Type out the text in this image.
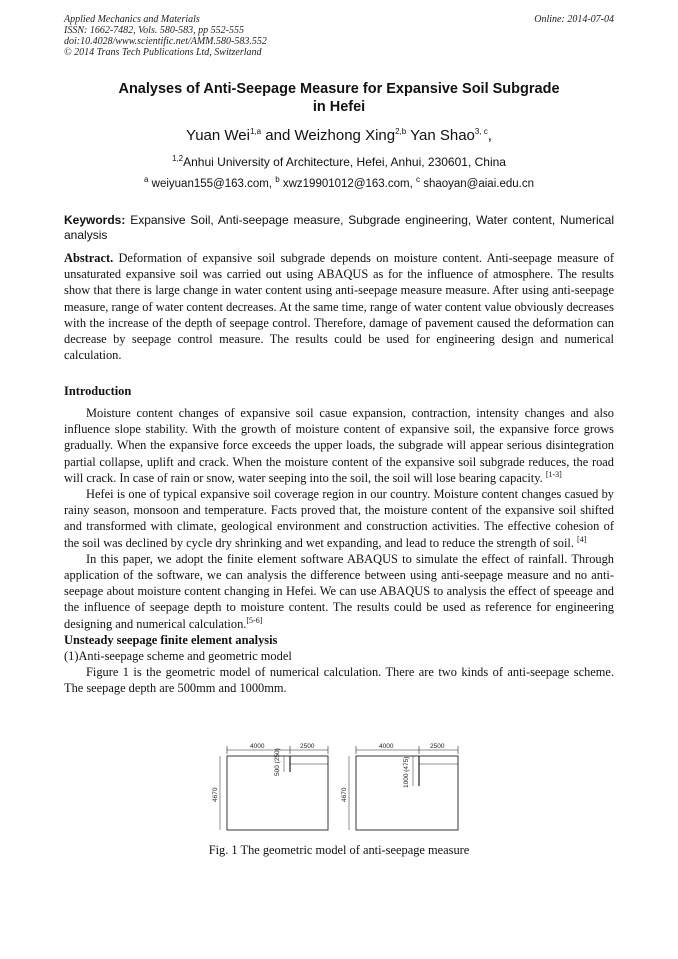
Applied Mechanics and Materials
ISSN: 1662-7482, Vols. 580-583, pp 552-555
doi:10.4028/www.scientific.net/AMM.580-583.552
© 2014 Trans Tech Publications Ltd, Switzerland
Online: 2014-07-04
Analyses of Anti-Seepage Measure for Expansive Soil Subgrade
in Hefei
Yuan Wei$^{1,a}$ and Weizhong Xing$^{2,b}$ Yan Shao$^{3, c}$,
$^{1,2}$Anhui University of Architecture, Hefei, Anhui, 230601, China
$^a$ weiyuan155@163.com, $^b$ xwz19901012@163.com, $^c$ shaoyan@aiai.edu.cn
Keywords: Expansive Soil, Anti-seepage measure, Subgrade engineering, Water content, Numerical analysis
Abstract. Deformation of expansive soil subgrade depends on moisture content. Anti-seepage measure of unsaturated expansive soil was carried out using ABAQUS as for the influence of atmosphere. The results show that there is large change in water content using anti-seepage measure measure. After using anti-seepage measure, range of water content decreases. At the same time, range of water content value obviously decreases with the increase of the depth of seepage control. Therefore, damage of pavement caused the deformation can decrease by seepage control measure. The results could be used for engineering design and numerical calculation.
Introduction

Moisture content changes of expansive soil casue expansion, contraction, intensity changes and also influence slope stability. With the growth of moisture content of expansive soil, the expansive force grows gradually. When the expansive force exceeds the upper loads, the subgrade will appear serious disintegration partial collapse, uplift and crack. When the moisture content of the expansive soil subgrade reduces, the road will crack. In case of rain or snow, water seeping into the soil, the soil will lose bearing capacity. [1-3]

Hefei is one of typical expansive soil coverage region in our country. Moisture content changes casued by rainy season, monsoon and temperature. Facts proved that, the moisture content of the expansive soil shifted and transformed with climate, geological environment and construction activities. The effective cohesion of the soil was declined by cycle dry shrinking and wet expanding, and lead to reduce the strength of soil. [4]

In this paper, we adopt the finite element software ABAQUS to simulate the effect of rainfall. Through application of the software, we can analysis the difference between using anti-seepage measure and no anti-seepage about moisture content changing in Hefei. We can use ABAQUS to analysis the effect of speeage and the influence of seepage depth to moisture content. The results could be used as reference for engineering designing and numerical calculation.[5-6]

Unsteady seepage finite element analysis

(1)Anti-seepage scheme and geometric model

Figure 1 is the geometric model of numerical calculation. There are two kinds of anti-seepage scheme. The seepage depth are 500mm and 1000mm.

4000	2500
500 (250)
4670
4000	2500
1000 (475)
4670
Fig. 1 The geometric model of anti-seepage measure
